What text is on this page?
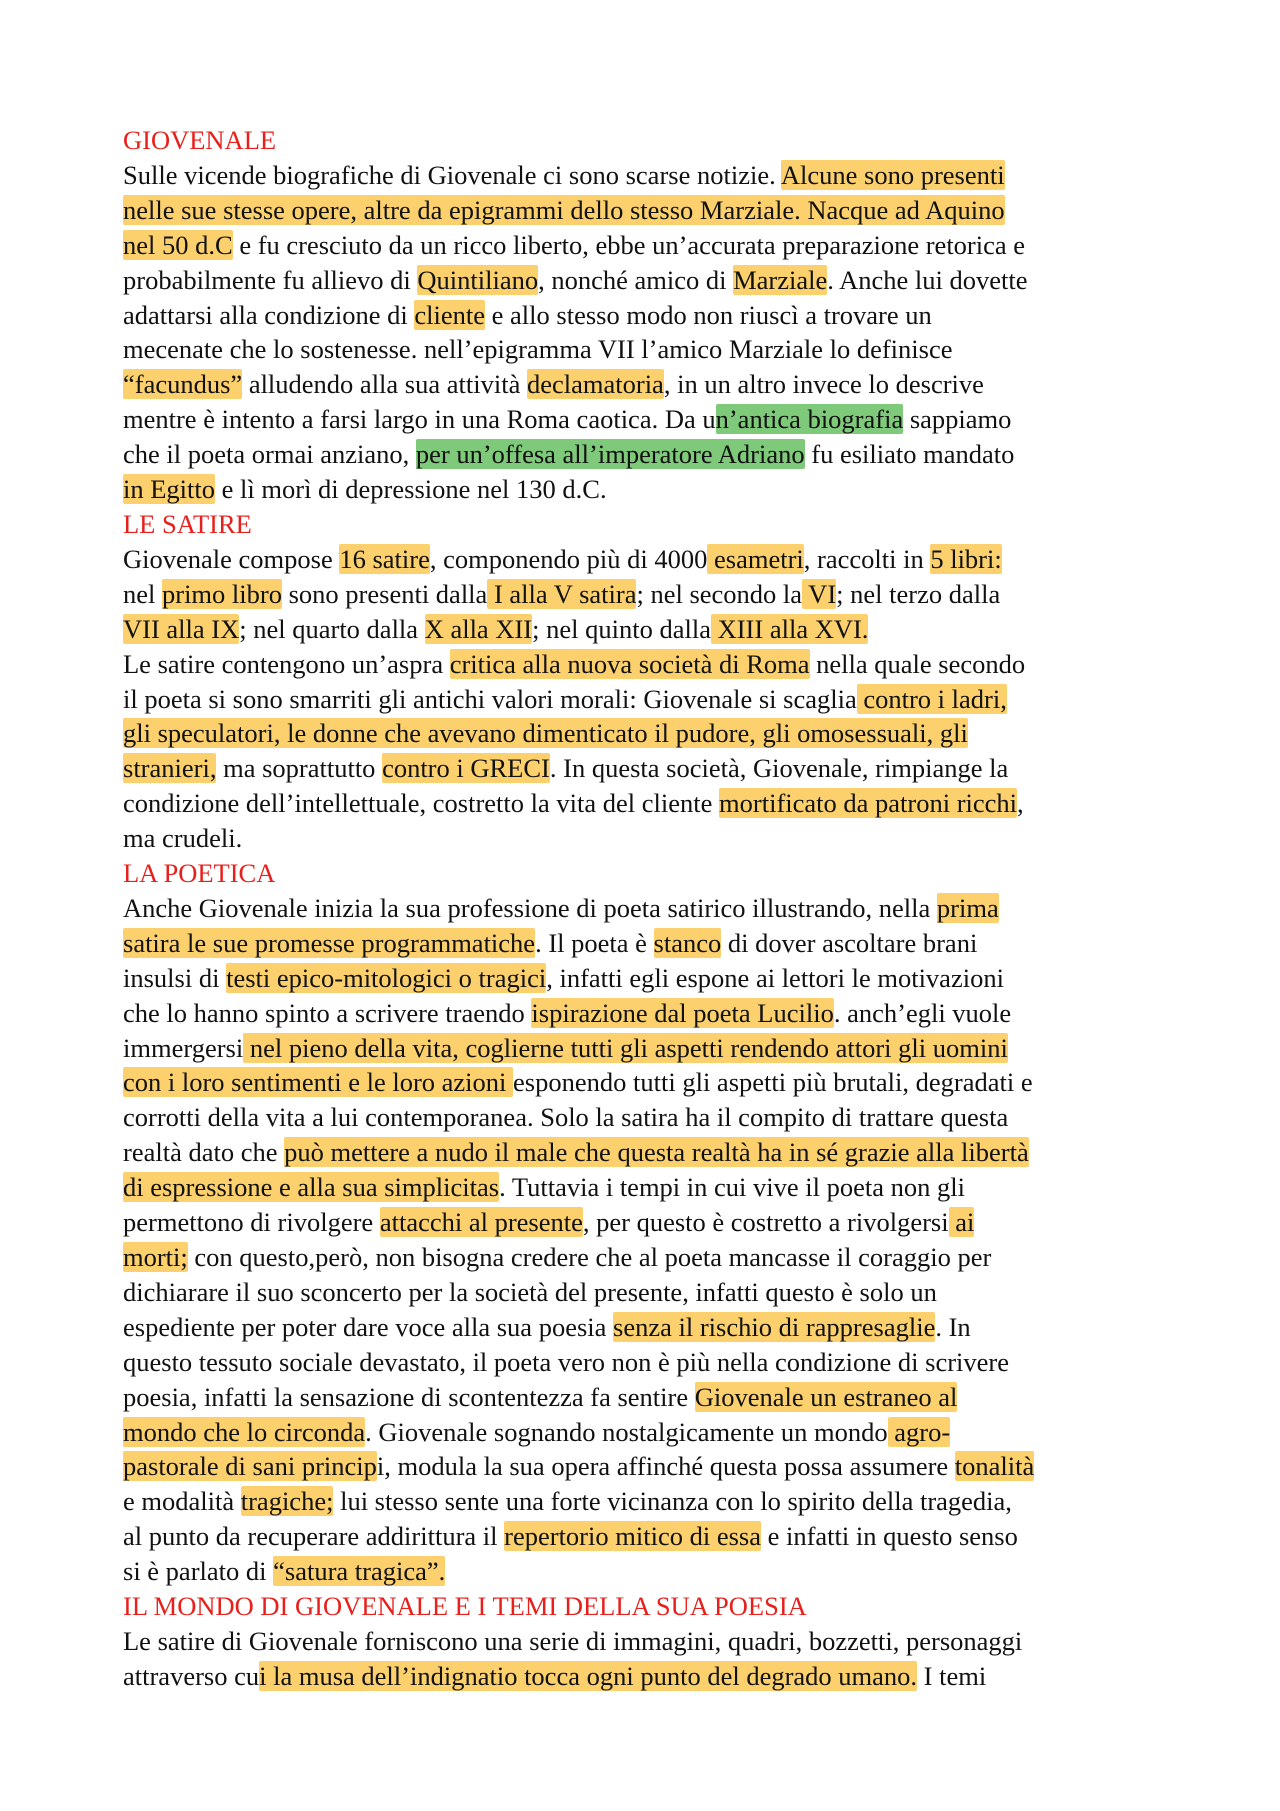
GIOVENALE
Sulle vicende biografiche di Giovenale ci sono scarse notizie. Alcune sono presenti
nelle sue stesse opere, altre da epigrammi dello stesso Marziale. Nacque ad Aquino
nel 50 d.C e fu cresciuto da un ricco liberto, ebbe un’accurata preparazione retorica e
probabilmente fu allievo di Quintiliano, nonché amico di Marziale. Anche lui dovette
adattarsi alla condizione di cliente e allo stesso modo non riuscì a trovare un
mecenate che lo sostenesse. nell’epigramma VII l’amico Marziale lo definisce
“facundus” alludendo alla sua attività declamatoria, in un altro invece lo descrive
mentre è intento a farsi largo in una Roma caotica. Da un’antica biografia sappiamo
che il poeta ormai anziano, per un’offesa all’imperatore Adriano fu esiliato mandato
in Egitto e lì morì di depressione nel 130 d.C.
LE SATIRE
Giovenale compose 16 satire, componendo più di 4000 esametri, raccolti in 5 libri:
nel primo libro sono presenti dalla I alla V satira; nel secondo la VI; nel terzo dalla
VII alla IX; nel quarto dalla X alla XII; nel quinto dalla XIII alla XVI.
Le satire contengono un’aspra critica alla nuova società di Roma nella quale secondo
il poeta si sono smarriti gli antichi valori morali: Giovenale si scaglia contro i ladri,
gli speculatori, le donne che avevano dimenticato il pudore, gli omosessuali, gli
stranieri, ma soprattutto contro i GRECI. In questa società, Giovenale, rimpiange la
condizione dell’intellettuale, costretto la vita del cliente mortificato da patroni ricchi,
ma crudeli.
LA POETICA
Anche Giovenale inizia la sua professione di poeta satirico illustrando, nella prima
satira le sue promesse programmatiche. Il poeta è stanco di dover ascoltare brani
insulsi di testi epico-mitologici o tragici, infatti egli espone ai lettori le motivazioni
che lo hanno spinto a scrivere traendo ispirazione dal poeta Lucilio. anch’egli vuole
immergersi nel pieno della vita, coglierne tutti gli aspetti rendendo attori gli uomini
con i loro sentimenti e le loro azioni esponendo tutti gli aspetti più brutali, degradati e
corrotti della vita a lui contemporanea. Solo la satira ha il compito di trattare questa
realtà dato che può mettere a nudo il male che questa realtà ha in sé grazie alla libertà
di espressione e alla sua simplicitas. Tuttavia i tempi in cui vive il poeta non gli
permettono di rivolgere attacchi al presente, per questo è costretto a rivolgersi ai
morti; con questo,però, non bisogna credere che al poeta mancasse il coraggio per
dichiarare il suo sconcerto per la società del presente, infatti questo è solo un
espediente per poter dare voce alla sua poesia senza il rischio di rappresaglie. In
questo tessuto sociale devastato, il poeta vero non è più nella condizione di scrivere
poesia, infatti la sensazione di scontentezza fa sentire Giovenale un estraneo al
mondo che lo circonda. Giovenale sognando nostalgicamente un mondo agro-
pastorale di sani principi, modula la sua opera affinché questa possa assumere tonalità
e modalità tragiche; lui stesso sente una forte vicinanza con lo spirito della tragedia,
al punto da recuperare addirittura il repertorio mitico di essa e infatti in questo senso
si è parlato di “satura tragica”.
IL MONDO DI GIOVENALE E I TEMI DELLA SUA POESIA
Le satire di Giovenale forniscono una serie di immagini, quadri, bozzetti, personaggi
attraverso cui la musa dell’indignatio tocca ogni punto del degrado umano. I temi
